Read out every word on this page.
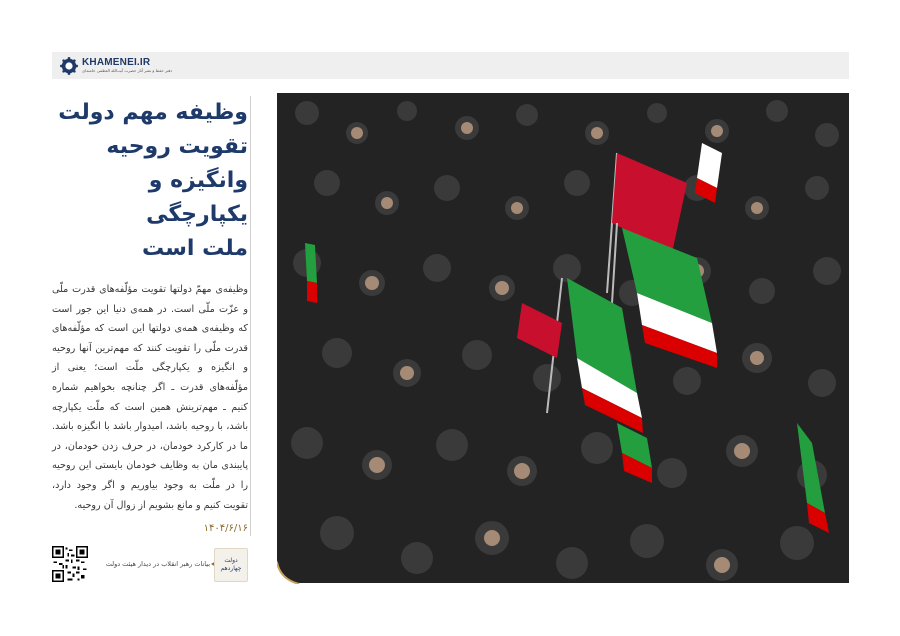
KHAMENEI.IR
دفتر حفظ و نشر آثار حضرت آیت‌الله العظمی خامنه‌ای
وظیفه مهم دولت
تقویت روحیه
وانگیزه و یکپارچگی
ملت است
وظیفه‌ی مهمّ دولتها تقویت مؤلّفه‌های قدرت ملّی و عزّت ملّی است. در همه‌ی دنیا این جور است که وظیفه‌ی همه‌ی دولتها این است که مؤلّفه‌های قدرت ملّی را تقویت کنند که مهم‌ترین آنها روحیه و انگیزه و یکپارچگی ملّت است؛ یعنی از مؤلّفه‌های قدرت ـ اگر چنانچه بخواهیم شماره کنیم ـ مهم‌ترینش همین است که ملّت یکپارچه باشد، با روحیه باشد، امیدوار باشد با انگیزه باشد. ما در کارکرد خودمان، در حرف زدن خودمان، در پایبندی مان به وظایف خودمان بایستی این روحیه را در ملّت به وجود بیاوریم و اگر وجود دارد، تقویت کنیم و مانع بشویم از زوال آن روحیه.
۱۴۰۴/۶/۱۶
بیانات رهبر انقلاب در دیدار هیئت دولت	دولت
چهاردهم
